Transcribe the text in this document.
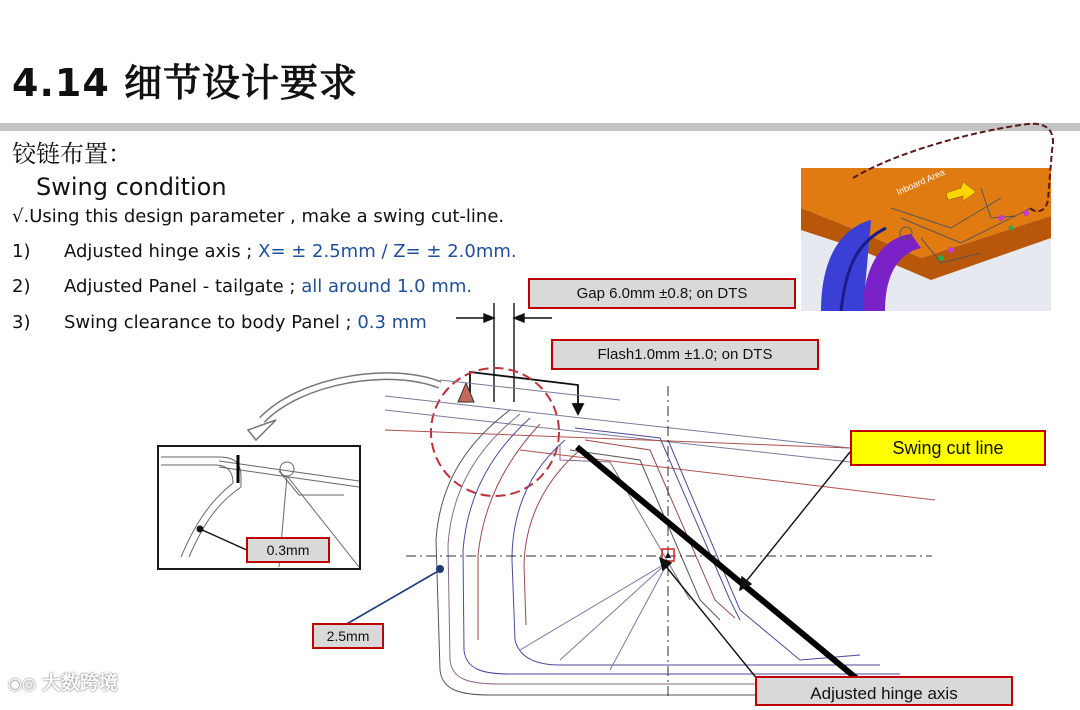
4.14 细节设计要求
铰链布置：
Swing condition
√.Using this design parameter , make a swing cut-line.
1) Adjusted hinge axis ; X= ± 2.5mm / Z= ± 2.0mm.
2) Adjusted Panel - tailgate ; all around 1.0 mm.
3) Swing clearance to body Panel ; 0.3 mm
Inboard Area
Gap 6.0mm ±0.8; on DTS
Flash1.0mm ±1.0; on DTS
Swing cut line
Adjusted hinge axis
0.3mm
2.5mm
◉◎ 大数跨境
